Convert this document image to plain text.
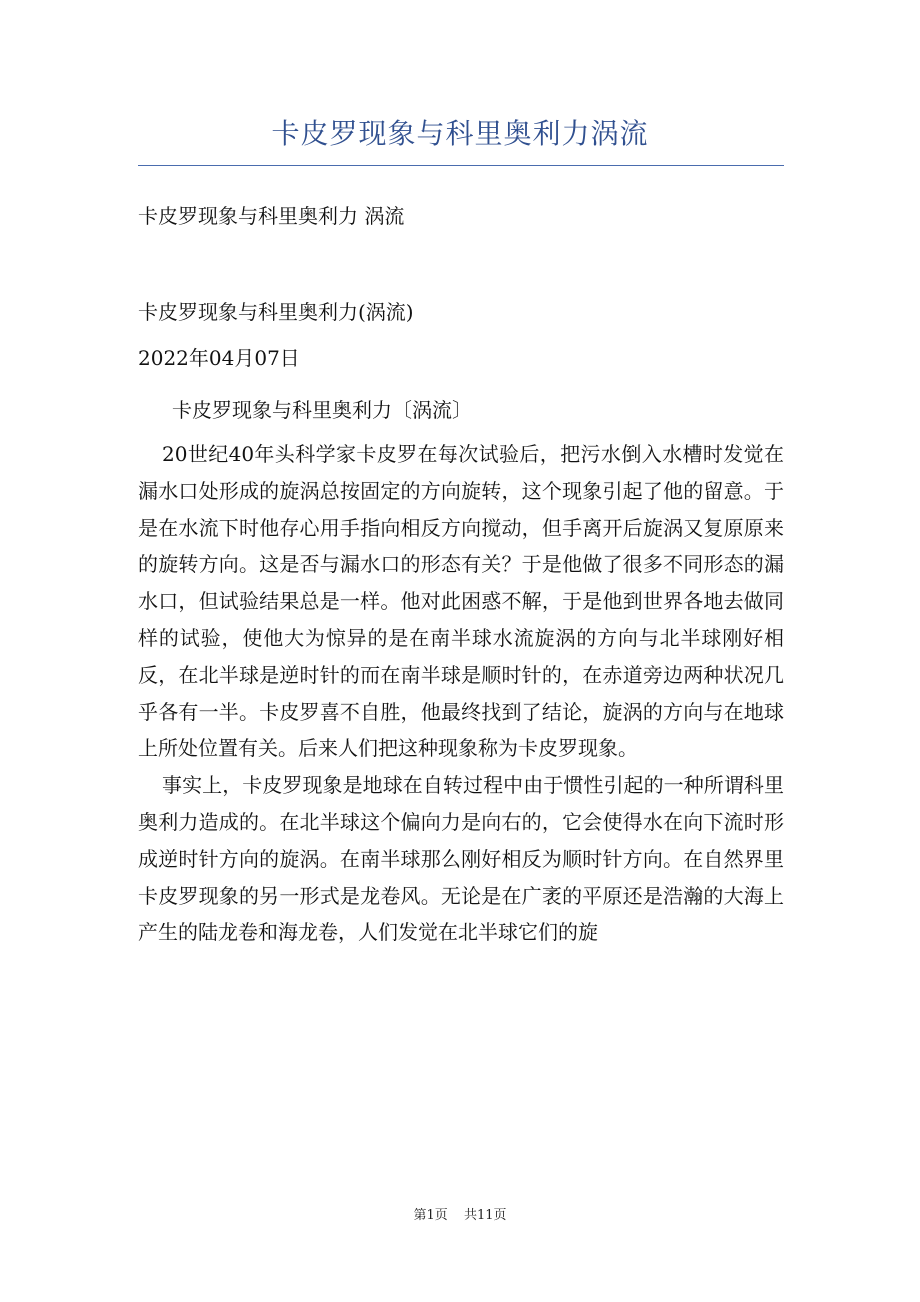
卡皮罗现象与科里奥利力涡流
卡皮罗现象与科里奥利力 涡流
卡皮罗现象与科里奥利力(涡流)
2022年04月07日
卡皮罗现象与科里奥利力〔涡流〕

20世纪40年头科学家卡皮罗在每次试验后，把污水倒入水槽时发觉在漏水口处形成的旋涡总按固定的方向旋转，这个现象引起了他的留意。于是在水流下时他存心用手指向相反方向搅动，但手离开后旋涡又复原原来的旋转方向。这是否与漏水口的形态有关？于是他做了很多不同形态的漏水口，但试验结果总是一样。他对此困惑不解，于是他到世界各地去做同样的试验，使他大为惊异的是在南半球水流旋涡的方向与北半球刚好相反，在北半球是逆时针的而在南半球是顺时针的，在赤道旁边两种状况几乎各有一半。卡皮罗喜不自胜，他最终找到了结论，旋涡的方向与在地球上所处位置有关。后来人们把这种现象称为卡皮罗现象。

事实上，卡皮罗现象是地球在自转过程中由于惯性引起的一种所谓科里奥利力造成的。在北半球这个偏向力是向右的，它会使得水在向下流时形成逆时针方向的旋涡。在南半球那么刚好相反为顺时针方向。在自然界里卡皮罗现象的另一形式是龙卷风。无论是在广袤的平原还是浩瀚的大海上产生的陆龙卷和海龙卷，人们发觉在北半球它们的旋

第1页 共11页
